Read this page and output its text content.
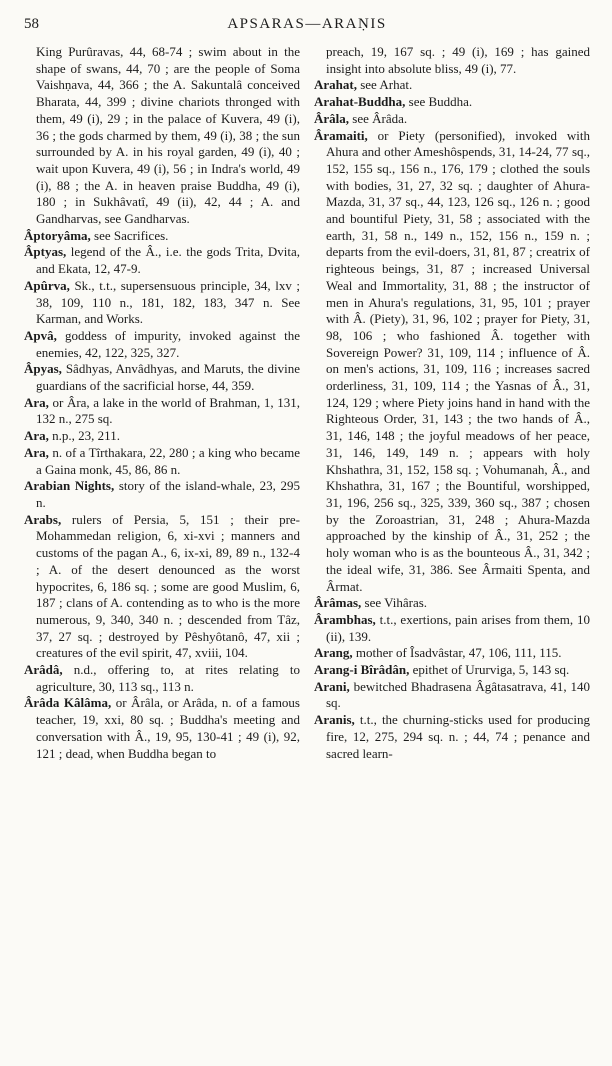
58	APSARAS—ARAṆIS

King Purûravas, 44, 68-74 ; swim about in the shape of swans, 44, 70 ; are the people of Soma Vaishṇava, 44, 366 ; the A. Sakuntalâ conceived Bharata, 44, 399 ; divine chariots thronged with them, 49 (i), 29 ; in the palace of Kuvera, 49 (i), 36 ; the gods charmed by them, 49 (i), 38 ; the sun surrounded by A. in his royal garden, 49 (i), 40 ; wait upon Kuvera, 49 (i), 56 ; in Indra's world, 49 (i), 88 ; the A. in heaven praise Buddha, 49 (i), 180 ; in Sukhâvatî, 49 (ii), 42, 44 ; A. and Gandharvas, see Gandharvas.

Âptoryâma, see Sacrifices.

Âptyas, legend of the Â., i.e. the gods Trita, Dvita, and Ekata, 12, 47-9.

Apûrva, Sk., t.t., supersensuous principle, 34, lxv ; 38, 109, 110 n., 181, 182, 183, 347 n. See Karman, and Works.

Apvâ, goddess of impurity, invoked against the enemies, 42, 122, 325, 327.

Âpyas, Sâdhyas, Anvâdhyas, and Maruts, the divine guardians of the sacrificial horse, 44, 359.

Ara, or Âra, a lake in the world of Brahman, 1, 131, 132 n., 275 sq.

Ara, n.p., 23, 211.

Ara, n. of a Tîrthakara, 22, 280 ; a king who became a Gaina monk, 45, 86, 86 n.

Arabian Nights, story of the island-whale, 23, 295 n.

Arabs, rulers of Persia, 5, 151 ; their pre-Mohammedan religion, 6, xi-xvi ; manners and customs of the pagan A., 6, ix-xi, 89, 89 n., 132-4 ; A. of the desert denounced as the worst hypocrites, 6, 186 sq. ; some are good Muslim, 6, 187 ; clans of A. contending as to who is the more numerous, 9, 340, 340 n. ; descended from Tâz, 37, 27 sq. ; destroyed by Pêshyôtanô, 47, xii ; creatures of the evil spirit, 47, xviii, 104.

Arâdâ, n.d., offering to, at rites relating to agriculture, 30, 113 sq., 113 n.

Ârâda Kâlâma, or Ârâla, or Arâda, n. of a famous teacher, 19, xxi, 80 sq. ; Buddha's meeting and conversation with Â., 19, 95, 130-41 ; 49 (i), 92, 121 ; dead, when Buddha began to

preach, 19, 167 sq. ; 49 (i), 169 ; has gained insight into absolute bliss, 49 (i), 77.

Arahat, see Arhat.

Arahat-Buddha, see Buddha.

Ârâla, see Ârâda.

Âramaiti, or Piety (personified), invoked with Ahura and other Ameshôspends, 31, 14-24, 77 sq., 152, 155 sq., 156 n., 176, 179 ; clothed the souls with bodies, 31, 27, 32 sq. ; daughter of Ahura-Mazda, 31, 37 sq., 44, 123, 126 sq., 126 n. ; good and bountiful Piety, 31, 58 ; associated with the earth, 31, 58 n., 149 n., 152, 156 n., 159 n. ; departs from the evil-doers, 31, 81, 87 ; creatrix of righteous beings, 31, 87 ; increased Universal Weal and Immortality, 31, 88 ; the instructor of men in Ahura's regulations, 31, 95, 101 ; prayer with Â. (Piety), 31, 96, 102 ; prayer for Piety, 31, 98, 106 ; who fashioned Â. together with Sovereign Power? 31, 109, 114 ; influence of Â. on men's actions, 31, 109, 116 ; increases sacred orderliness, 31, 109, 114 ; the Yasnas of Â., 31, 124, 129 ; where Piety joins hand in hand with the Righteous Order, 31, 143 ; the two hands of Â., 31, 146, 148 ; the joyful meadows of her peace, 31, 146, 149, 149 n. ; appears with holy Khshathra, 31, 152, 158 sq. ; Vohumanah, Â., and Khshathra, 31, 167 ; the Bountiful, worshipped, 31, 196, 256 sq., 325, 339, 360 sq., 387 ; chosen by the Zoroastrian, 31, 248 ; Ahura-Mazda approached by the kinship of Â., 31, 252 ; the holy woman who is as the bounteous Â., 31, 342 ; the ideal wife, 31, 386. See Ârmaiti Spenta, and Ârmat.

Ârâmas, see Vihâras.

Ârambhas, t.t., exertions, pain arises from them, 10 (ii), 139.

Arang, mother of Îsadvâstar, 47, 106, 111, 115.

Arang-i Bîrâdân, epithet of Ururviga, 5, 143 sq.

Arani, bewitched Bhadrasena Âgâtasatrava, 41, 140 sq.

Aranis, t.t., the churning-sticks used for producing fire, 12, 275, 294 sq. n. ; 44, 74 ; penance and sacred learn-
